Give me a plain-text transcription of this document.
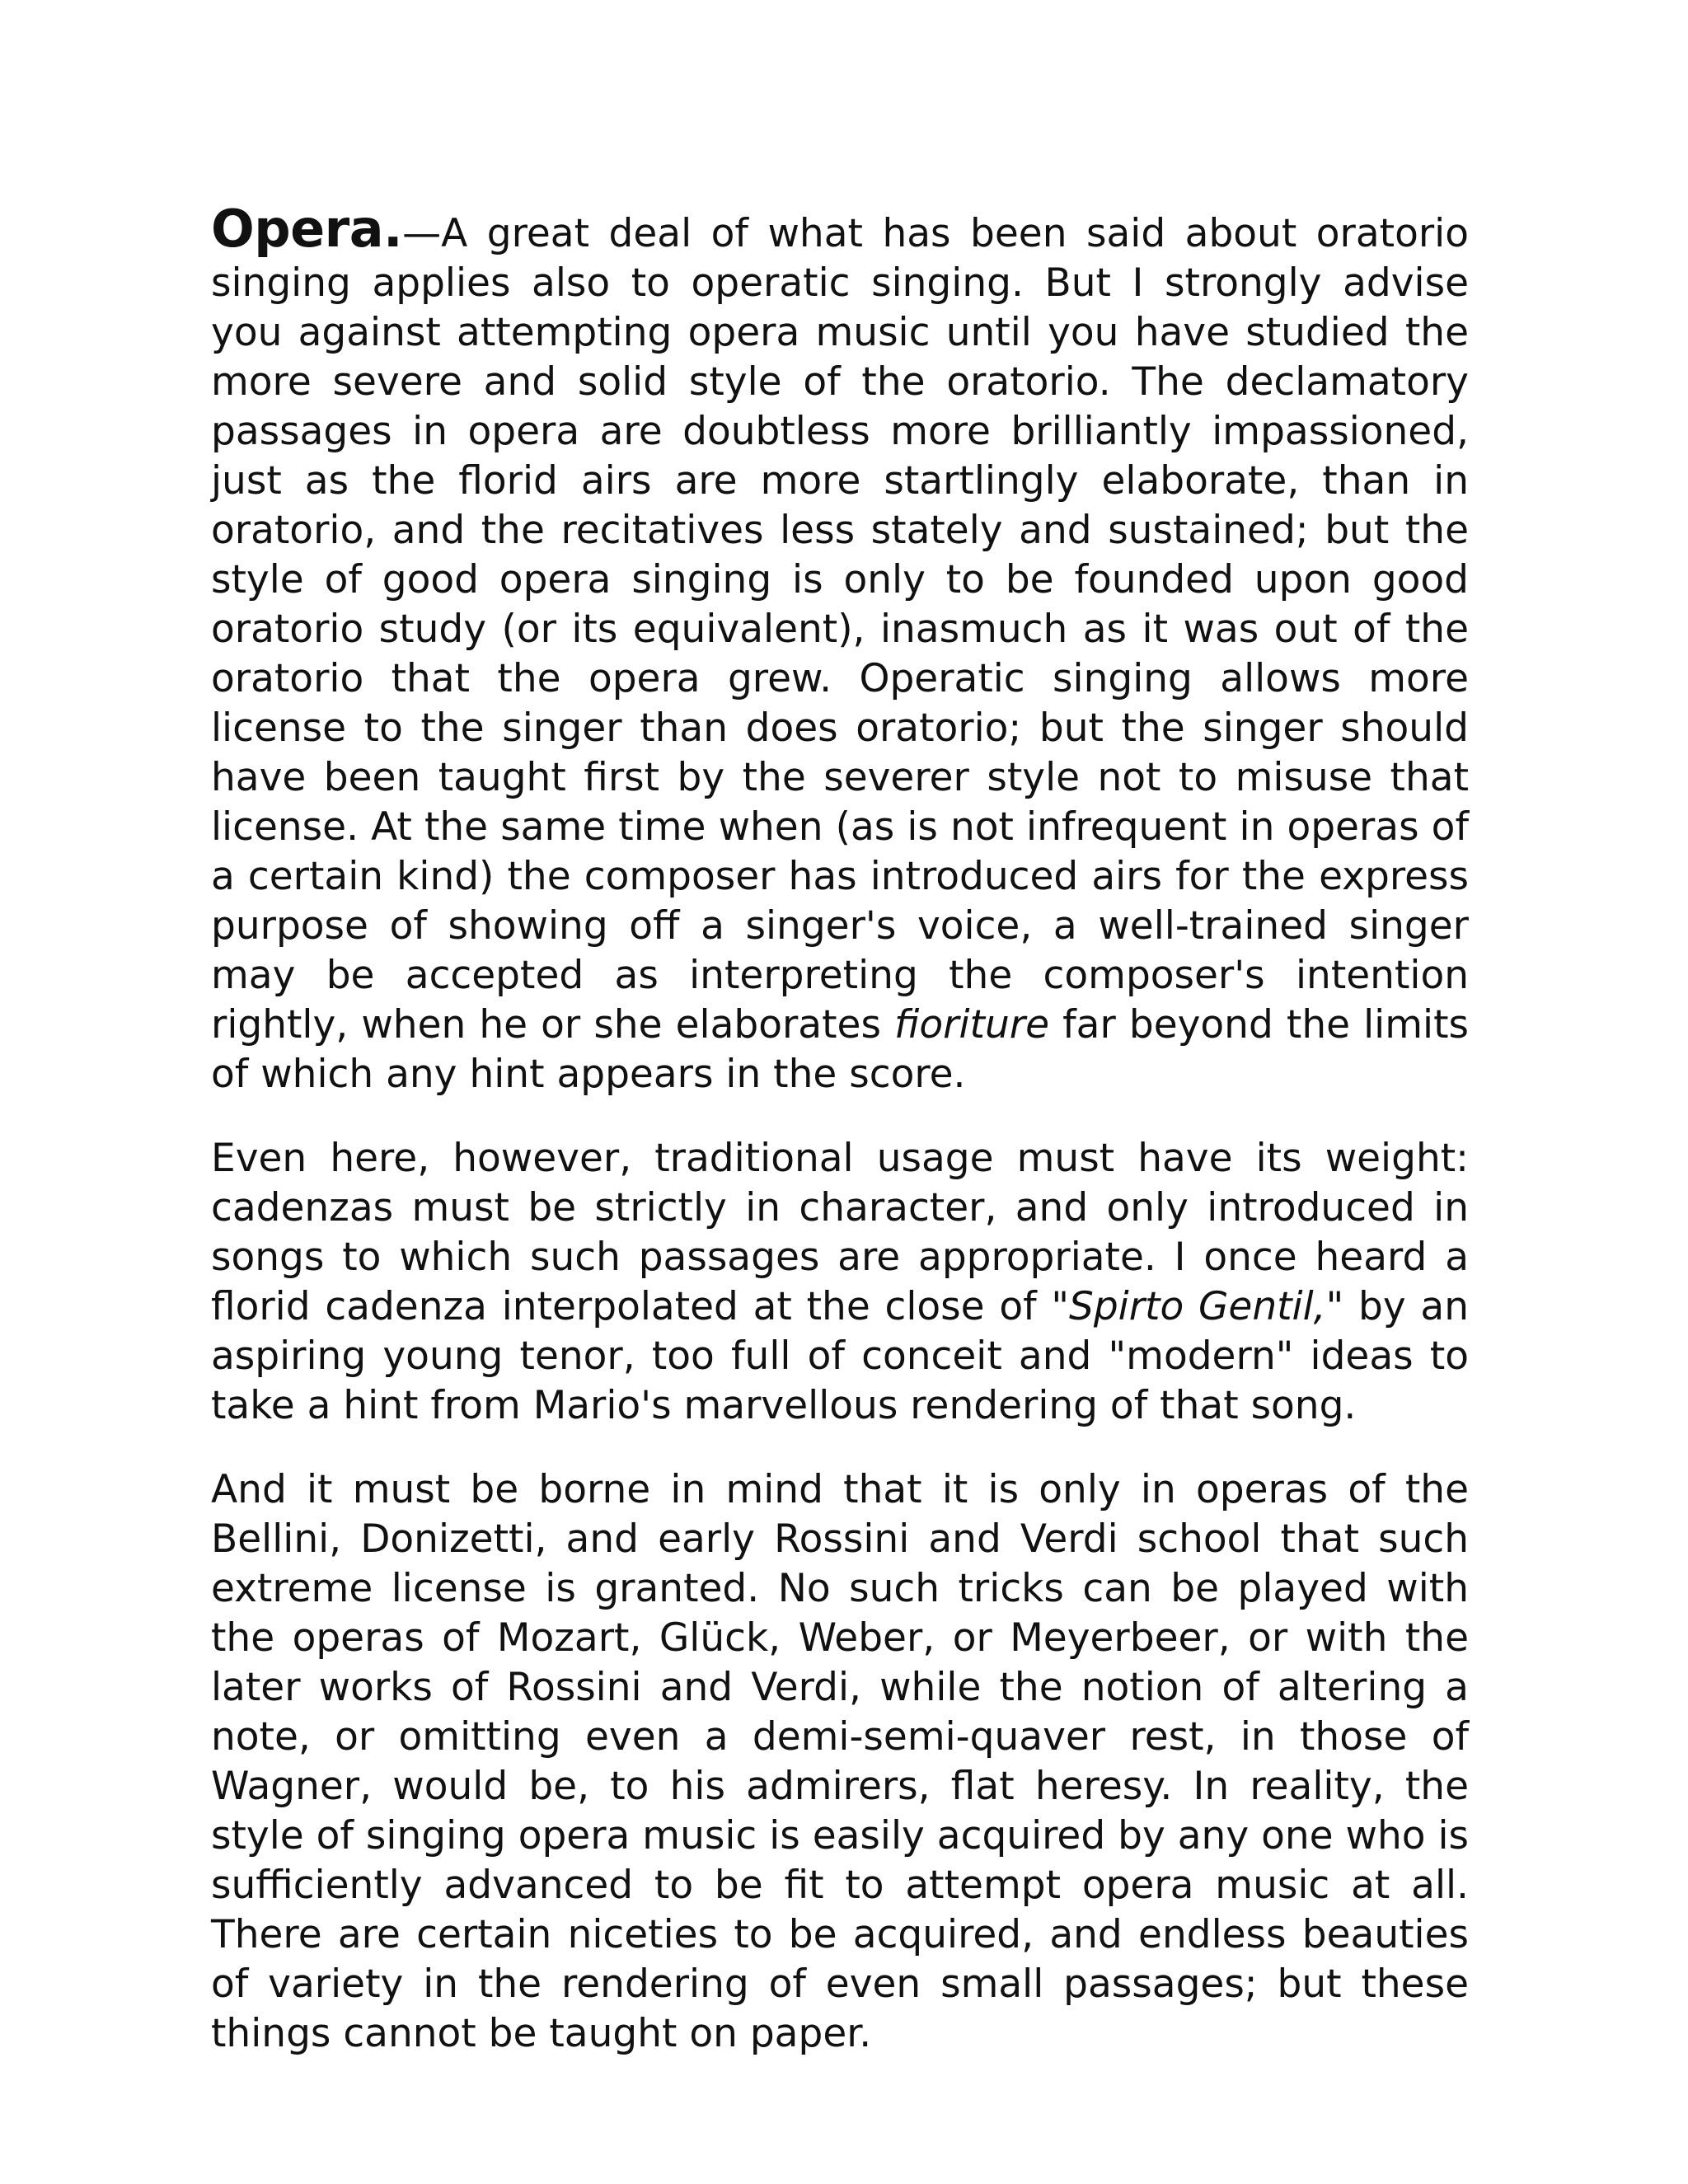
Opera.—A great deal of what has been said about oratorio singing applies also to operatic singing. But I strongly advise you against attempting opera music until you have studied the more severe and solid style of the oratorio. The declamatory passages in opera are doubtless more brilliantly impassioned, just as the florid airs are more startlingly elaborate, than in oratorio, and the recitatives less stately and sustained; but the style of good opera singing is only to be founded upon good oratorio study (or its equivalent), inasmuch as it was out of the oratorio that the opera grew. Operatic singing allows more license to the singer than does oratorio; but the singer should have been taught first by the severer style not to misuse that license. At the same time when (as is not infrequent in operas of a certain kind) the composer has introduced airs for the express purpose of showing off a singer's voice, a well-trained singer may be accepted as interpreting the composer's intention rightly, when he or she elaborates fioriture far beyond the limits of which any hint appears in the score.

Even here, however, traditional usage must have its weight: cadenzas must be strictly in character, and only introduced in songs to which such passages are appropriate. I once heard a florid cadenza interpolated at the close of "Spirto Gentil," by an aspiring young tenor, too full of conceit and "modern" ideas to take a hint from Mario's marvellous rendering of that song.

And it must be borne in mind that it is only in operas of the Bellini, Donizetti, and early Rossini and Verdi school that such extreme license is granted. No such tricks can be played with the operas of Mozart, Glück, Weber, or Meyerbeer, or with the later works of Rossini and Verdi, while the notion of altering a note, or omitting even a demi-semi-quaver rest, in those of Wagner, would be, to his admirers, flat heresy. In reality, the style of singing opera music is easily acquired by any one who is sufficiently advanced to be fit to attempt opera music at all. There are certain niceties to be acquired, and endless beauties of variety in the rendering of even small passages; but these things cannot be taught on paper.
